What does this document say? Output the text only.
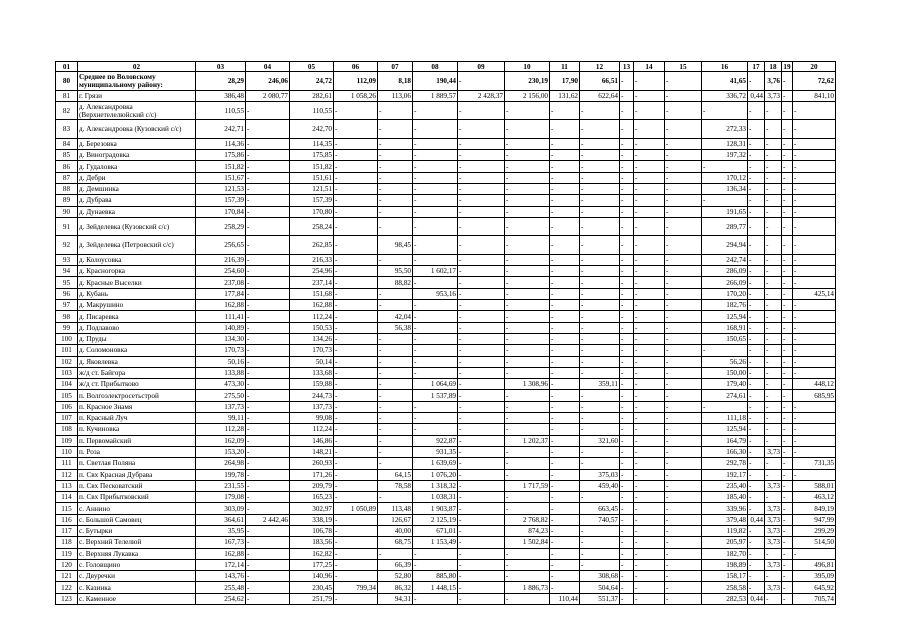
01	02	03	04	05	06	07	08	09	10	11	12	13	14	15	16	17	18	19	20
80	Среднее по Воловскому муниципальному району:	28,29	246,06	24,72	112,09	8,18	190,44	-	230,19	17,90	66,51	-	-	-	41,65	-	3,76	-	72,62
81	г. Грязи	386,48	2 080,77	282,61	1 058,26	113,06	1 889,57	2 428,37	2 156,00	131,62	622,64	-	-	-	336,72	0,44	3,73	-	841,10
82	д. Александровка (Верхнетелелюйский с/с)	110,55	-	110,55	-	-	-	-	-	-	-	-	-	-	-	-	-	-	-
83	д. Александровка (Кузовский с/с)	242,71	-	242,70	-	-	-	-	-	-	-	-	-	-	272,33	-	-	-	-
84	д. Березовка	114,36	-	114,35	-	-	-	-	-	-	-	-	-	-	128,31	-	-	-	-
85	д. Виноградовка	175,86	-	175,85	-	-	-	-	-	-	-	-	-	-	197,32	-	-	-	-
86	д. Гудаловка	151,82	-	151,82	-	-	-	-	-	-	-	-	-	-	-	-	-	-	-
87	д. Дебри	151,67	-	151,61	-	-	-	-	-	-	-	-	-	-	170,12	-	-	-	-
88	д. Демшинка	121,53	-	121,51	-	-	-	-	-	-	-	-	-	-	136,34	-	-	-	-
89	д. Дубрава	157,39	-	157,39	-	-	-	-	-	-	-	-	-	-	-	-	-	-	-
90	д. Дунаевка	170,84	-	170,80	-	-	-	-	-	-	-	-	-	-	191,65	-	-	-	-
91	д. Зейделевка (Кузовский с/с)	258,29	-	258,24	-	-	-	-	-	-	-	-	-	-	289,77	-	-	-	-
92	д. Зейделевка (Петровский с/с)	256,65	-	262,85	-	98,45	-	-	-	-	-	-	-	-	294,94	-	-	-	-
93	д. Колоусовка	216,39	-	216,33	-	-	-	-	-	-	-	-	-	-	242,74	-	-	-	-
94	д. Красногорка	254,60	-	254,96	-	95,50	1 602,17	-	-	-	-	-	-	-	286,09	-	-	-	-
95	д. Красные Выселки	237,08	-	237,14	-	88,82	-	-	-	-	-	-	-	-	266,09	-	-	-	-
96	д. Кубань	177,84	-	151,68	-	-	953,16	-	-	-	-	-	-	-	170,20	-	-	-	425,14
97	д. Макрушино	162,88	-	162,88	-	-	-	-	-	-	-	-	-	-	182,76	-	-	-	-
98	д. Писаревка	111,41	-	112,24	-	42,04	-	-	-	-	-	-	-	-	125,94	-	-	-	-
99	д. Подлавово	140,89	-	150,53	-	56,38	-	-	-	-	-	-	-	-	168,91	-	-	-	-
100	д. Пруды	134,30	-	134,26	-	-	-	-	-	-	-	-	-	-	150,65	-	-	-	-
101	д. Соломоновка	170,73	-	170,73	-	-	-	-	-	-	-	-	-	-	-	-	-	-	-
102	д. Яковлевка	50,16	-	50,14	-	-	-	-	-	-	-	-	-	-	56,26	-	-	-	-
103	ж/д ст. Байгора	133,88	-	133,68	-	-	-	-	-	-	-	-	-	-	150,00	-	-	-	-
104	ж/д ст. Прибытково	473,30	-	159,88	-	-	1 064,69	-	1 308,96	-	359,11	-	-	-	179,40	-	-	-	448,12
105	п. Волгоэлектросетьстрой	275,50	-	244,73	-	-	1 537,89	-	-	-	-	-	-	-	274,61	-	-	-	685,95
106	п. Красное Знамя	137,73	-	137,73	-	-	-	-	-	-	-	-	-	-	-	-	-	-	-
107	п. Красный Луч	99,11	-	99,08	-	-	-	-	-	-	-	-	-	-	111,18	-	-	-	-
108	п. Кучиновка	112,28	-	112,24	-	-	-	-	-	-	-	-	-	-	125,94	-	-	-	-
109	п. Первомайский	162,09	-	146,86	-	-	922,87	-	1 202,37	-	321,60	-	-	-	164,79	-	-	-	-
110	п. Роза	153,20	-	148,21	-	-	931,35	-	-	-	-	-	-	-	166,30	-	3,73	-	-
111	п. Светлая Поляна	264,98	-	260,93	-	-	1 639,69	-	-	-	-	-	-	-	292,78	-	-	-	731,35
112	п. Свх Красная Дубрава	199,78	-	171,26	-	64,15	1 076,20	-	-	-	375,03	-	-	-	192,17	-	-	-	-
113	п. Свх Песковатский	231,55	-	209,79	-	78,58	1 318,32	-	1 717,59	-	459,40	-	-	-	235,40	-	3,73	-	588,01
114	п. Свх Прибытковский	179,08	-	165,23	-	-	1 038,31	-	-	-	-	-	-	-	185,40	-	-	-	463,12
115	с. Аннино	303,09	-	302,97	1 050,89	113,48	1 903,87	-	-	-	663,45	-	-	-	339,96	-	3,73	-	849,19
116	с. Большой Самовец	364,61	2 442,46	338,19	-	126,67	2 125,19	-	2 768,82	-	740,57	-	-	-	379,48	0,44	3,73	-	947,99
117	с. Бутырки	35,95	-	106,78	-	40,00	671,01	-	874,23	-	-	-	-	-	119,82	-	3,73	-	299,29
118	с. Верхний Телелюй	167,73	-	183,56	-	68,75	1 153,49	-	1 502,84	-	-	-	-	-	205,97	-	3,73	-	514,50
119	с. Верхняя Лукавка	162,88	-	162,82	-	-	-	-	-	-	-	-	-	-	182,70	-	-	-	-
120	с. Головщино	172,14	-	177,25	-	66,39	-	-	-	-	-	-	-	-	198,89	-	3,73	-	496,81
121	с. Двуречки	143,76	-	140,96	-	52,80	885,80	-	-	-	308,68	-	-	-	158,17	-	-	-	395,09
122	с. Казинка	255,48	-	230,45	799,34	86,32	1 448,15	-	1 886,73	-	504,64	-	-	-	258,58	-	3,73	-	645,92
123	с. Каменное	254,62	-	251,79	-	94,31	-	-	-	110,44	551,37	-	-	-	282,53	0,44	-	-	705,74
